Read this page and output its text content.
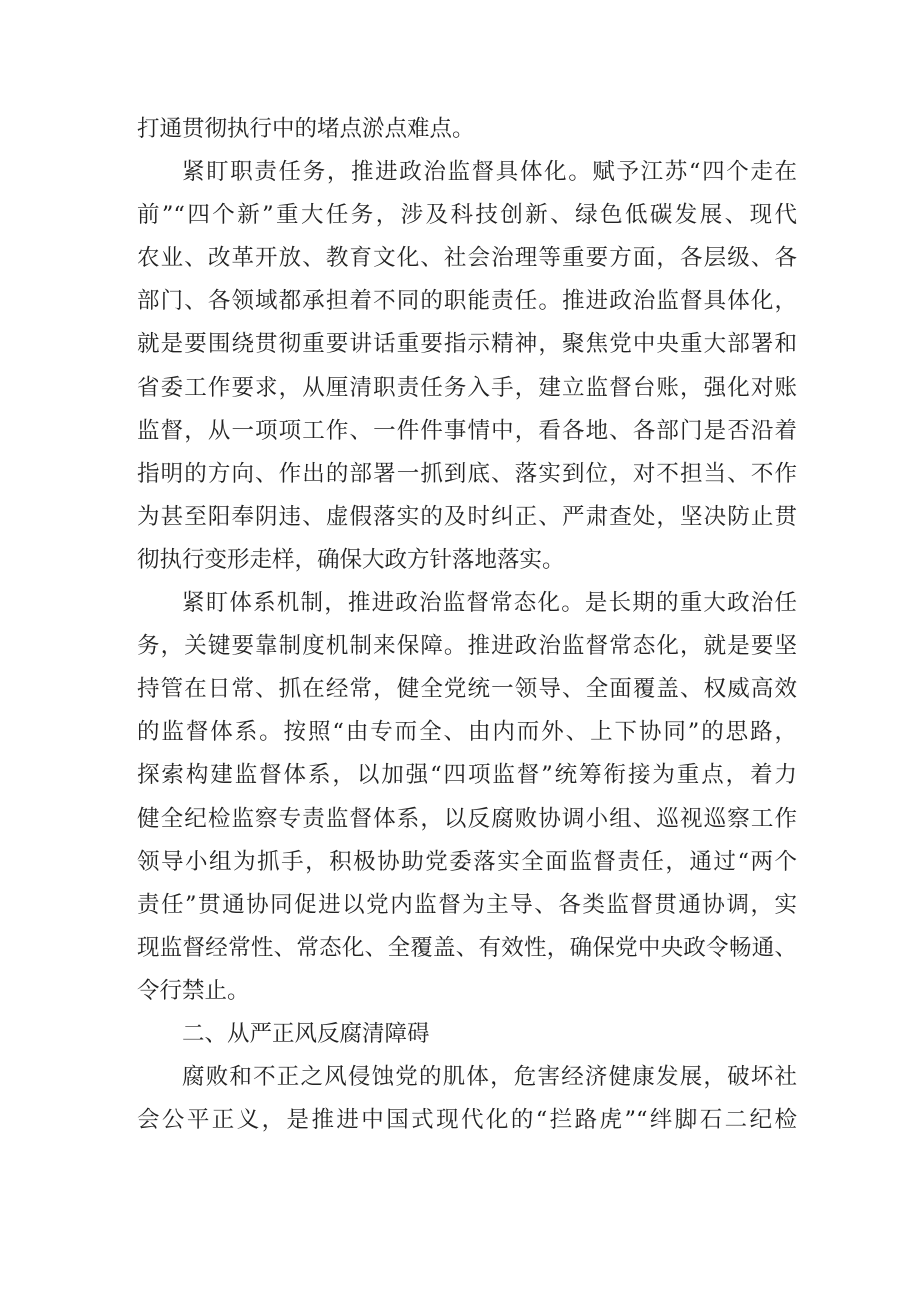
打通贯彻执行中的堵点淤点难点。
紧盯职责任务，推进政治监督具体化。赋予江苏“四个走在
前”“四个新”重大任务，涉及科技创新、绿色低碳发展、现代
农业、改革开放、教育文化、社会治理等重要方面，各层级、各
部门、各领域都承担着不同的职能责任。推进政治监督具体化，
就是要围绕贯彻重要讲话重要指示精神，聚焦党中央重大部署和
省委工作要求，从厘清职责任务入手，建立监督台账，强化对账
监督，从一项项工作、一件件事情中，看各地、各部门是否沿着
指明的方向、作出的部署一抓到底、落实到位，对不担当、不作
为甚至阳奉阴违、虚假落实的及时纠正、严肃查处，坚决防止贯
彻执行变形走样，确保大政方针落地落实。
紧盯体系机制，推进政治监督常态化。是长期的重大政治任
务，关键要靠制度机制来保障。推进政治监督常态化，就是要坚
持管在日常、抓在经常，健全党统一领导、全面覆盖、权威高效
的监督体系。按照“由专而全、由内而外、上下协同”的思路，
探索构建监督体系，以加强“四项监督”统筹衔接为重点，着力
健全纪检监察专责监督体系，以反腐败协调小组、巡视巡察工作
领导小组为抓手，积极协助党委落实全面监督责任，通过“两个
责任”贯通协同促进以党内监督为主导、各类监督贯通协调，实
现监督经常性、常态化、全覆盖、有效性，确保党中央政令畅通、
令行禁止。
二、从严正风反腐清障碍
腐败和不正之风侵蚀党的肌体，危害经济健康发展，破坏社
会公平正义，是推进中国式现代化的“拦路虎”“绊脚石二纪检
